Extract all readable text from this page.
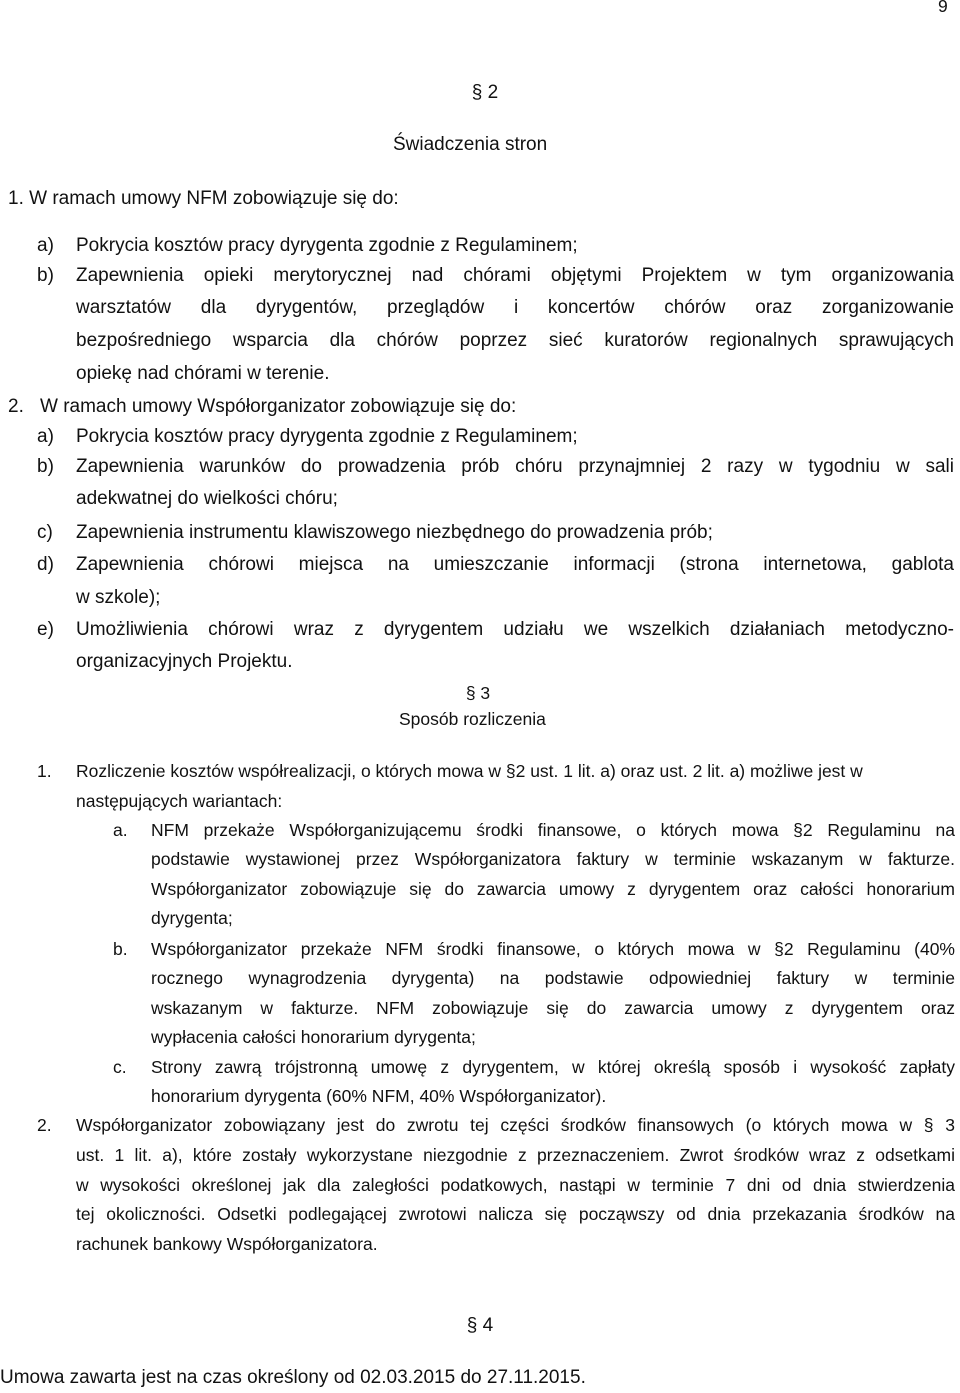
9

§ 2

Świadczenia stron

1. W ramach umowy NFM zobowiązuje się do:

a) Pokrycia kosztów pracy dyrygenta zgodnie z Regulaminem;

b) Zapewnienia opieki merytorycznej nad chórami objętymi Projektem w tym organizowania

warsztatów dla dyrygentów, przeglądów i koncertów chórów oraz zorganizowanie

bezpośredniego wsparcia dla chórów poprzez sieć kuratorów regionalnych sprawujących

opiekę nad chórami w terenie.

2. W ramach umowy Współorganizator zobowiązuje się do:

a) Pokrycia kosztów pracy dyrygenta zgodnie z Regulaminem;

b) Zapewnienia warunków do prowadzenia prób chóru przynajmniej 2 razy w tygodniu w sali

adekwatnej do wielkości chóru;

c) Zapewnienia instrumentu klawiszowego niezbędnego do prowadzenia prób;

d) Zapewnienia chórowi miejsca na umieszczanie informacji (strona internetowa, gablota

w szkole);

e) Umożliwienia chórowi wraz z dyrygentem udziału we wszelkich działaniach metodyczno-

organizacyjnych Projektu.

§ 3

Sposób rozliczenia

1. Rozliczenie kosztów współrealizacji, o których mowa w §2 ust. 1 lit. a) oraz ust. 2 lit. a) możliwe jest w

następujących wariantach:

a. NFM przekaże Współorganizującemu środki finansowe, o których mowa §2 Regulaminu na

podstawie wystawionej przez Współorganizatora faktury w terminie wskazanym w fakturze.

Współorganizator zobowiązuje się do zawarcia umowy z dyrygentem oraz całości honorarium

dyrygenta;

b. Współorganizator przekaże NFM środki finansowe, o których mowa w §2 Regulaminu (40%

rocznego wynagrodzenia dyrygenta) na podstawie odpowiedniej faktury w terminie

wskazanym w fakturze. NFM zobowiązuje się do zawarcia umowy z dyrygentem oraz

wypłacenia całości honorarium dyrygenta;

c. Strony zawrą trójstronną umowę z dyrygentem, w której określą sposób i wysokość zapłaty

honorarium dyrygenta (60% NFM, 40% Współorganizator).

2. Współorganizator zobowiązany jest do zwrotu tej części środków finansowych (o których mowa w § 3

ust. 1 lit. a), które zostały wykorzystane niezgodnie z przeznaczeniem. Zwrot środków wraz z odsetkami

w wysokości określonej jak dla zaległości podatkowych, nastąpi w terminie 7 dni od dnia stwierdzenia

tej okoliczności. Odsetki podlegającej zwrotowi nalicza się począwszy od dnia przekazania środków na

rachunek bankowy Współorganizatora.

§ 4

Umowa zawarta jest na czas określony od 02.03.2015 do 27.11.2015.
